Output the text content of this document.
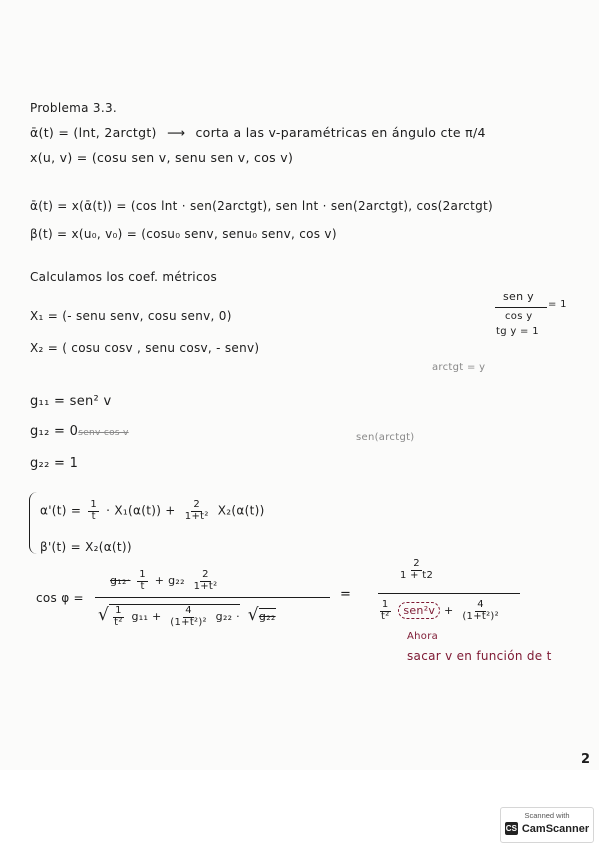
Problema 3.3.
ᾱ(t) = (lnt, 2arctgt) ⟶ corta a las v-paramétricas en ángulo cte π/4
x(u, v) = (cosu sen v, senu sen v, cos v)
ᾱ(t) = x(ᾱ(t)) = (cos lnt · sen(2arctgt), sen lnt · sen(2arctgt), cos(2arctgt)
β(t) = x(u₀, v₀) = (cosu₀ senv, senu₀ senv, cos v)
sen y
= 1
cos y
tg y = 1
Calculamos los coef. métricos
X₁ = (- senu senv, cosu senv, 0)
X₂ = ( cosu cosv , senu cosv, - senv)
arctgt = y
g₁₁ = sen² v
g₁₂ = 0senv cos v	sen(arctgt)
g₂₂ = 1
$\alpha'(t) = \frac{1}{t} \cdot X_1(\alpha(t)) + \frac{2}{\text{1+t²}} X_2(\alpha(t))$
β'(t) = X₂(α(t))
cos φ =
$g_{12}\cdot \frac{1}{t} + g_{22} \frac{2}{\text{1+t²}}$
√ $\frac{1}{\text{t²}} g_{11} + \frac{4}{\text{(1+t²)²}} g_{22} \cdot √g_{22}$
=
$\frac{2}{1 + t2}$
$\frac{1}{\text{t²}} sen^2v + \frac{4}{\text{(1+t²)²}}$
Ahora
sacar v en función de t
2
Scanned with
CS CamScanner
